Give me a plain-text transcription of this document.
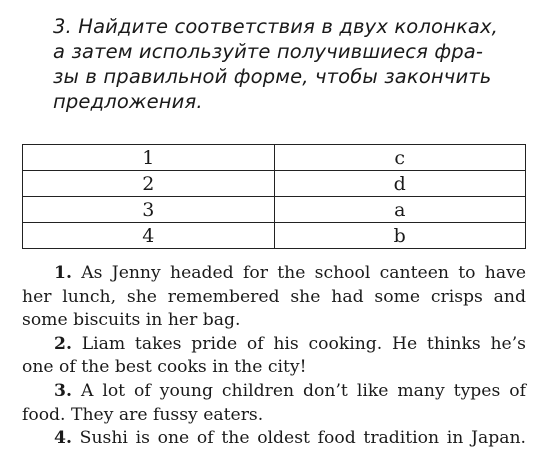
3. Найдите соответствия в двух колонках,

а затем используйте получившиеся фра-

зы в правильной форме, чтобы закончить

предложения.

1	c
2	d
3	a
4	b
1. As Jenny headed for the school canteen to have
her lunch, she remembered she had some crisps and
some biscuits in her bag.
2. Liam takes pride of his cooking. He thinks he’s
one of the best cooks in the city!
3. A lot of young children don’t like many types of
food. They are fussy eaters.
4. Sushi is one of the oldest food tradition in Japan.
